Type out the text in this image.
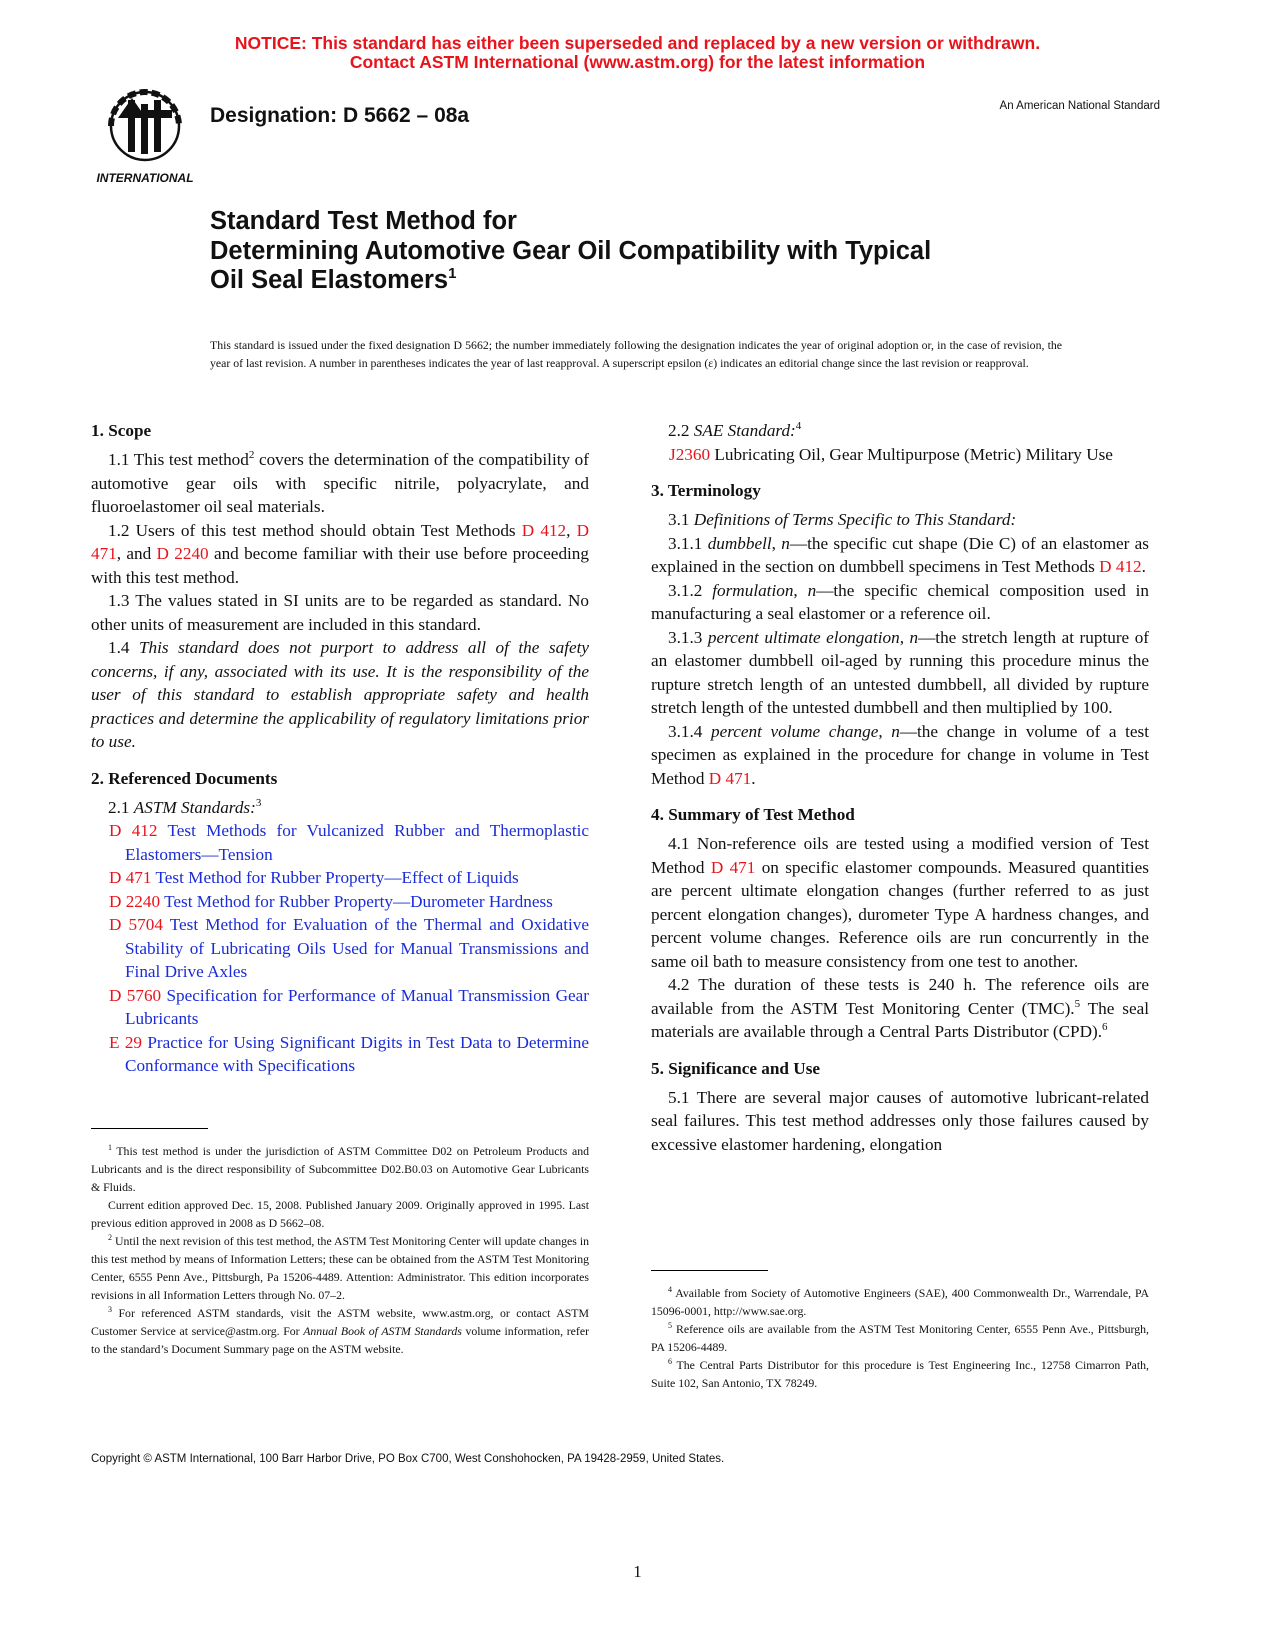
NOTICE: This standard has either been superseded and replaced by a new version or withdrawn.
Contact ASTM International (www.astm.org) for the latest information
INTERNATIONAL
Designation: D 5662 – 08a	An American National Standard
Standard Test Method for
Determining Automotive Gear Oil Compatibility with Typical
Oil Seal Elastomers$^1$
This standard is issued under the fixed designation D 5662; the number immediately following the designation indicates the year of original adoption or, in the case of revision, the year of last revision. A number in parentheses indicates the year of last reapproval. A superscript epsilon (ε) indicates an editorial change since the last revision or reapproval.
1. Scope

1.1 This test method$^2$ covers the determination of the compatibility of automotive gear oils with specific nitrile, polyacrylate, and fluoroelastomer oil seal materials.

1.2 Users of this test method should obtain Test Methods D 412, D 471, and D 2240 and become familiar with their use before proceeding with this test method.

1.3 The values stated in SI units are to be regarded as standard. No other units of measurement are included in this standard.

1.4 This standard does not purport to address all of the safety concerns, if any, associated with its use. It is the responsibility of the user of this standard to establish appropriate safety and health practices and determine the applicability of regulatory limitations prior to use.

2. Referenced Documents

2.1 ASTM Standards:$^3$

D 412 Test Methods for Vulcanized Rubber and Thermoplastic Elastomers—Tension

D 471 Test Method for Rubber Property—Effect of Liquids

D 2240 Test Method for Rubber Property—Durometer Hardness

D 5704 Test Method for Evaluation of the Thermal and Oxidative Stability of Lubricating Oils Used for Manual Transmissions and Final Drive Axles

D 5760 Specification for Performance of Manual Transmission Gear Lubricants

E 29 Practice for Using Significant Digits in Test Data to Determine Conformance with Specifications

$^1$ This test method is under the jurisdiction of ASTM Committee D02 on Petroleum Products and Lubricants and is the direct responsibility of Subcommittee D02.B0.03 on Automotive Gear Lubricants & Fluids.

Current edition approved Dec. 15, 2008. Published January 2009. Originally approved in 1995. Last previous edition approved in 2008 as D 5662–08.

$^2$ Until the next revision of this test method, the ASTM Test Monitoring Center will update changes in this test method by means of Information Letters; these can be obtained from the ASTM Test Monitoring Center, 6555 Penn Ave., Pittsburgh, Pa 15206-4489. Attention: Administrator. This edition incorporates revisions in all Information Letters through No. 07–2.

$^3$ For referenced ASTM standards, visit the ASTM website, www.astm.org, or contact ASTM Customer Service at service@astm.org. For Annual Book of ASTM Standards volume information, refer to the standard’s Document Summary page on the ASTM website.

2.2 SAE Standard:$^4$

J2360 Lubricating Oil, Gear Multipurpose (Metric) Military Use

3. Terminology

3.1 Definitions of Terms Specific to This Standard:

3.1.1 dumbbell, n—the specific cut shape (Die C) of an elastomer as explained in the section on dumbbell specimens in Test Methods D 412.

3.1.2 formulation, n—the specific chemical composition used in manufacturing a seal elastomer or a reference oil.

3.1.3 percent ultimate elongation, n—the stretch length at rupture of an elastomer dumbbell oil-aged by running this procedure minus the rupture stretch length of an untested dumbbell, all divided by rupture stretch length of the untested dumbbell and then multiplied by 100.

3.1.4 percent volume change, n—the change in volume of a test specimen as explained in the procedure for change in volume in Test Method D 471.

4. Summary of Test Method

4.1 Non-reference oils are tested using a modified version of Test Method D 471 on specific elastomer compounds. Measured quantities are percent ultimate elongation changes (further referred to as just percent elongation changes), durometer Type A hardness changes, and percent volume changes. Reference oils are run concurrently in the same oil bath to measure consistency from one test to another.

4.2 The duration of these tests is 240 h. The reference oils are available from the ASTM Test Monitoring Center (TMC).$^5$ The seal materials are available through a Central Parts Distributor (CPD).$^6$

5. Significance and Use

5.1 There are several major causes of automotive lubricant-related seal failures. This test method addresses only those failures caused by excessive elastomer hardening, elongation

$^4$ Available from Society of Automotive Engineers (SAE), 400 Commonwealth Dr., Warrendale, PA 15096-0001, http://www.sae.org.

$^5$ Reference oils are available from the ASTM Test Monitoring Center, 6555 Penn Ave., Pittsburgh, PA 15206-4489.

$^6$ The Central Parts Distributor for this procedure is Test Engineering Inc., 12758 Cimarron Path, Suite 102, San Antonio, TX 78249.

Copyright © ASTM International, 100 Barr Harbor Drive, PO Box C700, West Conshohocken, PA 19428-2959, United States.
1
